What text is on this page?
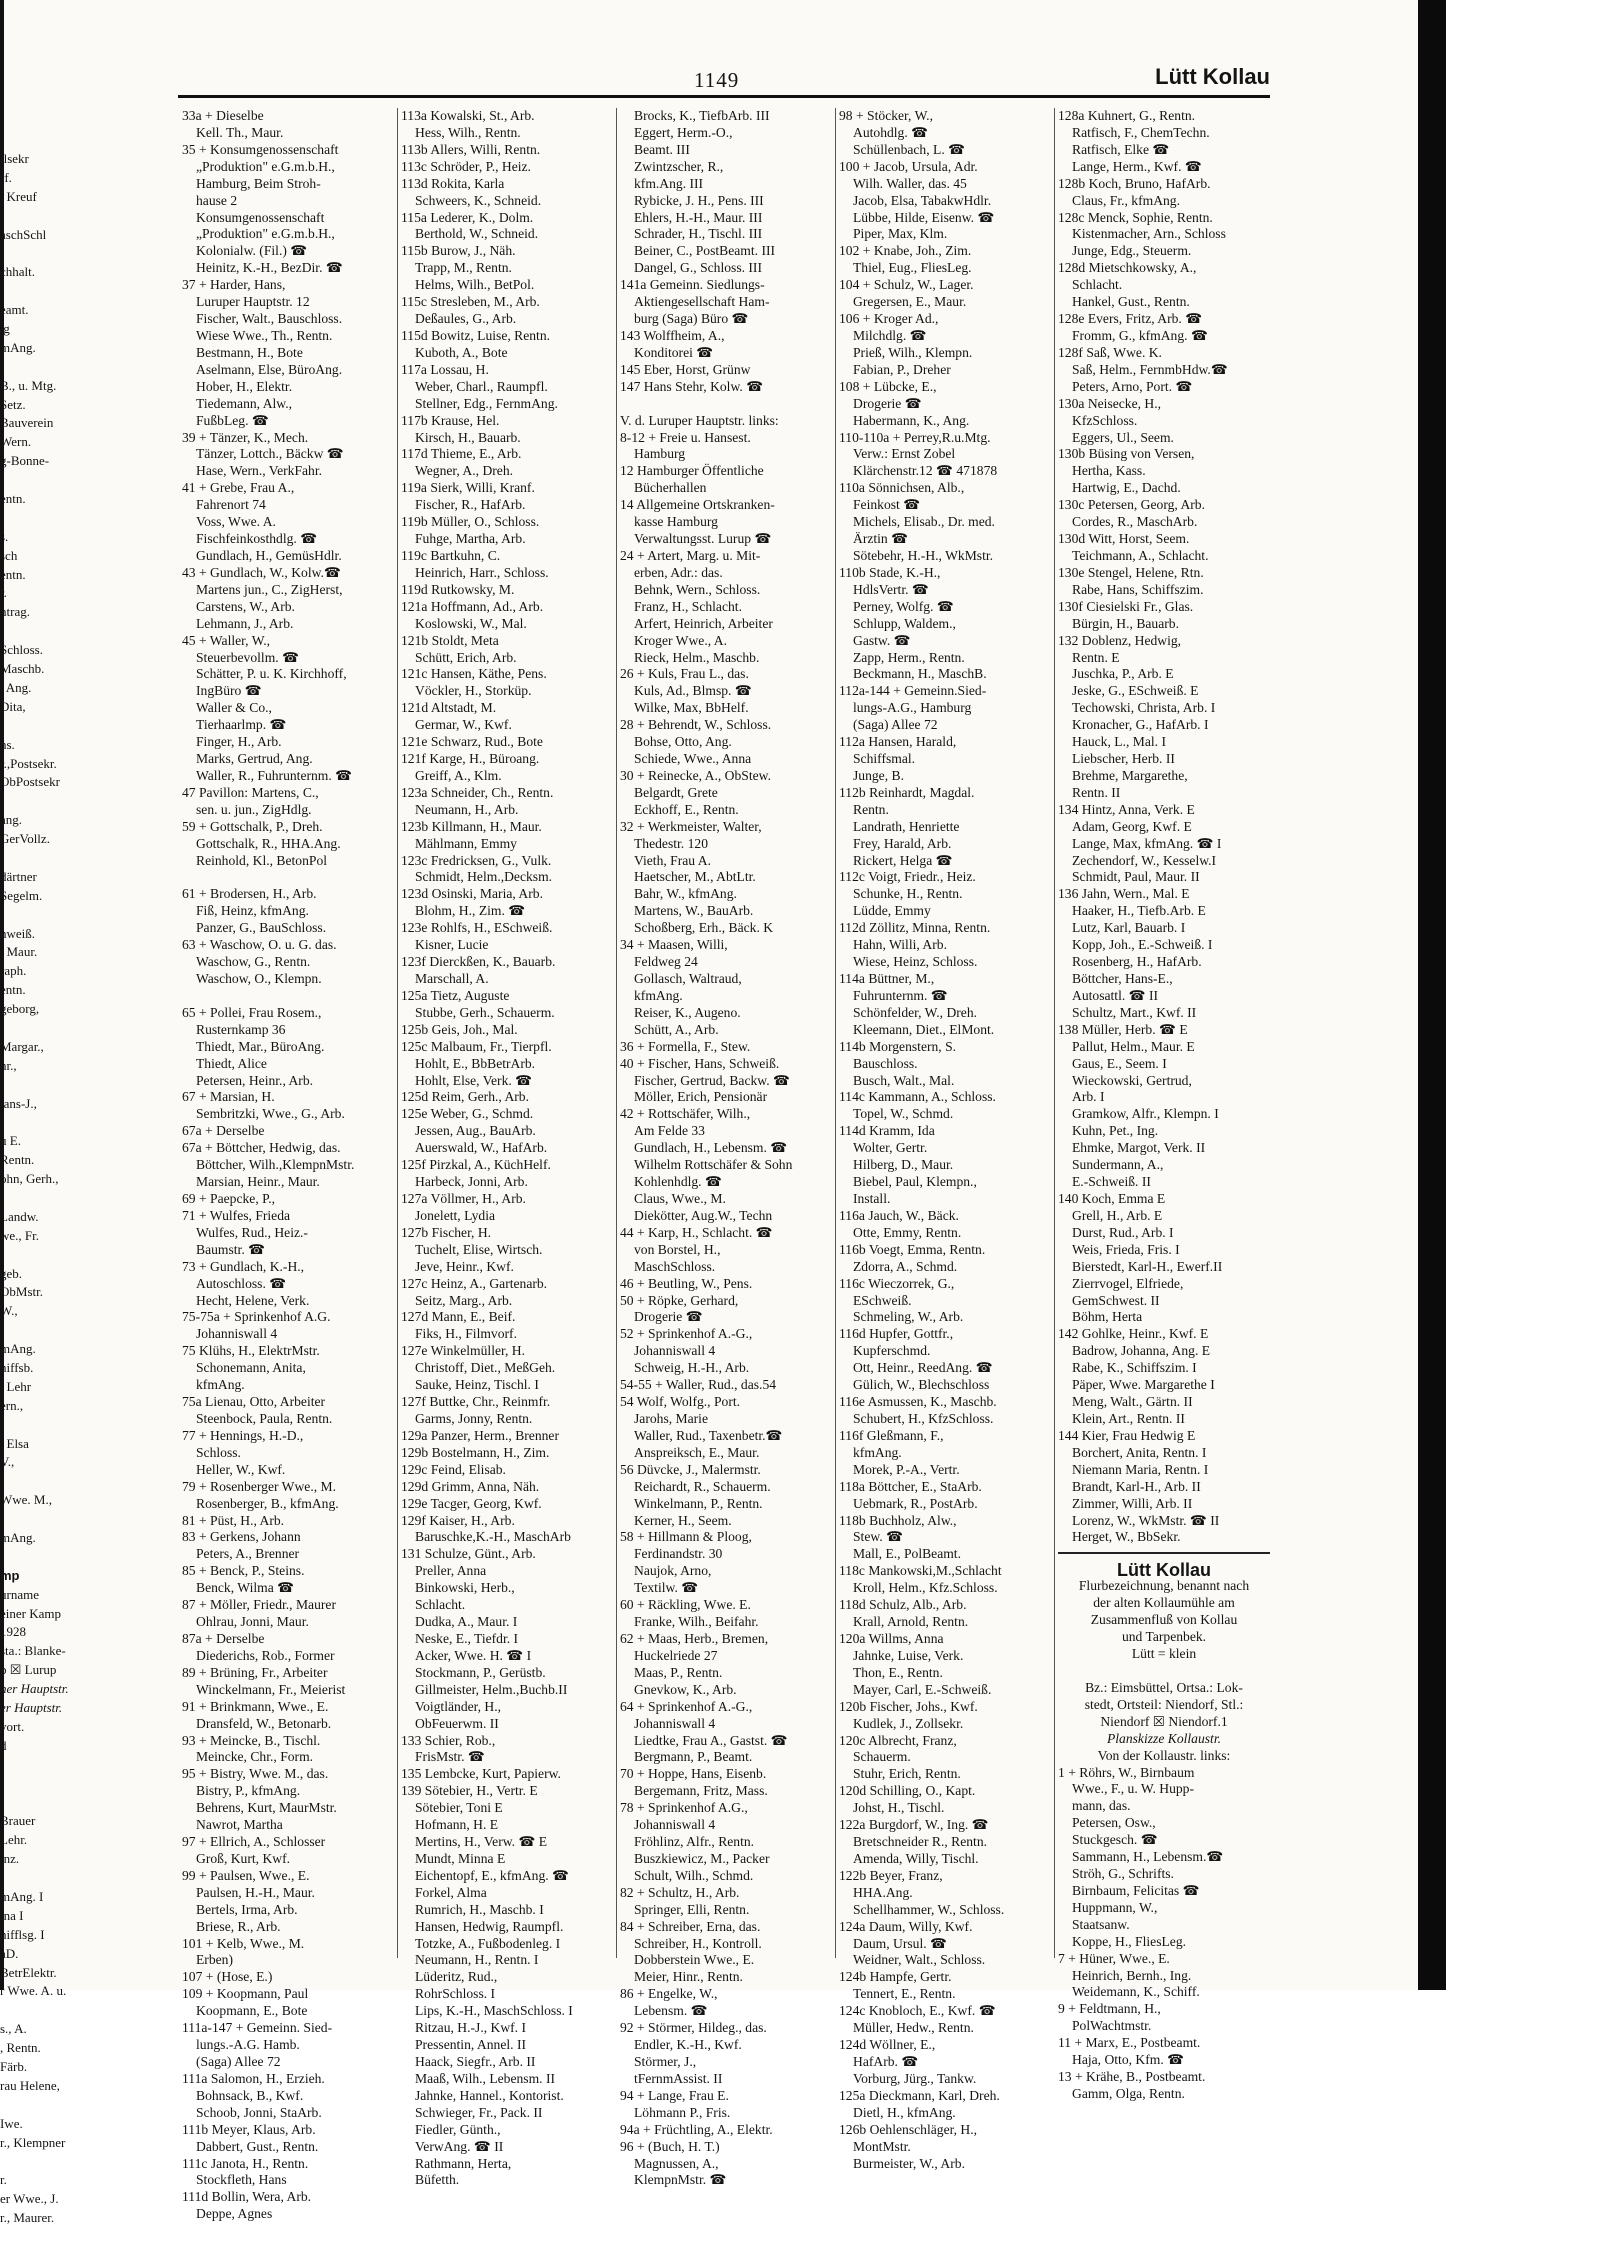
llsekr
rf.
. Kreuf

aschSchl

chhalt.

eamt.
.g
mAng.

B., u. Mtg.
Setz.
Bauverein
Wern.
g-Bonne-

entn.

s.
sch
entn.
r.
ntrag.

Schloss.
Maschb.
. Ang.
Dita,

ns.
r.,Postsekr.
ObPostsekr

ang.
GerVollz.

därtner
Segelm.

hweiß.
. Maur.
raph.
entn.
geborg,

Margar.,
nr.,

lans-J.,

u E.
Rentn.
ohn, Gerh.,

Landw.
we., Fr.

geb.
ObMstr.
W.,

mAng.
hiffsb.
. Lehr
ern.,

. Elsa
V.,

Wwe. M.,

mAng.

mp
urname
einer Kamp
1928
sta.: Blanke-
p ☒ Lurup
ner Hauptstr.
er Hauptstr.
vort.
d

l

Brauer
Lehr.
inz.

mAng. I
ina I
hifflsg. I
aD.
BetrElektr.
r Wwe. A. u.

s., A.
, Rentn.
Färb.
rau Helene,

Iwe.
r., Klempner

r.
er Wwe., J.
r., Maurer.

1149	Lütt Kollau
33a + Dieselbe
Kell. Th., Maur.
35 + Konsumgenossenschaft
„Produktion" e.G.m.b.H.,
Hamburg, Beim Stroh-
hause 2
Konsumgenossenschaft
„Produktion" e.G.m.b.H.,
Kolonialw. (Fil.) ☎
Heinitz, K.-H., BezDir. ☎
37 + Harder, Hans,
Luruper Hauptstr. 12
Fischer, Walt., Bauschloss.
Wiese Wwe., Th., Rentn.
Bestmann, H., Bote
Aselmann, Else, BüroAng.
Hober, H., Elektr.
Tiedemann, Alw.,
FußbLeg. ☎
39 + Tänzer, K., Mech.
Tänzer, Lottch., Bäckw ☎
Hase, Wern., VerkFahr.
41 + Grebe, Frau A.,
Fahrenort 74
Voss, Wwe. A.
Fischfeinkosthdlg. ☎
Gundlach, H., GemüsHdlr.
43 + Gundlach, W., Kolw.☎
Martens jun., C., ZigHerst,
Carstens, W., Arb.
Lehmann, J., Arb.
45 + Waller, W.,
Steuerbevollm. ☎
Schätter, P. u. K. Kirchhoff,
IngBüro ☎
Waller & Co.,
Tierhaarlmp. ☎
Finger, H., Arb.
Marks, Gertrud, Ang.
Waller, R., Fuhrunternm. ☎
47 Pavillon: Martens, C.,
sen. u. jun., ZigHdlg.
59 + Gottschalk, P., Dreh.
Gottschalk, R., HHA.Ang.
Reinhold, Kl., BetonPol

61 + Brodersen, H., Arb.
Fiß, Heinz, kfmAng.
Panzer, G., BauSchloss.
63 + Waschow, O. u. G. das.
Waschow, G., Rentn.
Waschow, O., Klempn.

65 + Pollei, Frau Rosem.,
Rusternkamp 36
Thiedt, Mar., BüroAng.
Thiedt, Alice
Petersen, Heinr., Arb.
67 + Marsian, H.
Sembritzki, Wwe., G., Arb.
67a + Derselbe
67a + Böttcher, Hedwig, das.
Böttcher, Wilh.,KlempnMstr.
Marsian, Heinr., Maur.
69 + Paepcke, P.,
71 + Wulfes, Frieda
Wulfes, Rud., Heiz.-
Baumstr. ☎
73 + Gundlach, K.-H.,
Autoschloss. ☎
Hecht, Helene, Verk.
75-75a + Sprinkenhof A.G.
Johanniswall 4
75 Klühs, H., ElektrMstr.
Schonemann, Anita,
kfmAng.
75a Lienau, Otto, Arbeiter
Steenbock, Paula, Rentn.
77 + Hennings, H.-D.,
Schloss.
Heller, W., Kwf.
79 + Rosenberger Wwe., M.
Rosenberger, B., kfmAng.
81 + Püst, H., Arb.
83 + Gerkens, Johann
Peters, A., Brenner
85 + Benck, P., Steins.
Benck, Wilma ☎
87 + Möller, Friedr., Maurer
Ohlrau, Jonni, Maur.
87a + Derselbe
Diederichs, Rob., Former
89 + Brüning, Fr., Arbeiter
Winckelmann, Fr., Meierist
91 + Brinkmann, Wwe., E.
Dransfeld, W., Betonarb.
93 + Meincke, B., Tischl.
Meincke, Chr., Form.
95 + Bistry, Wwe. M., das.
Bistry, P., kfmAng.
Behrens, Kurt, MaurMstr.
Nawrot, Martha
97 + Ellrich, A., Schlosser
Groß, Kurt, Kwf.
99 + Paulsen, Wwe., E.
Paulsen, H.-H., Maur.
Bertels, Irma, Arb.
Briese, R., Arb.
101 + Kelb, Wwe., M.
Erben)
107 + (Hose, E.)
109 + Koopmann, Paul
Koopmann, E., Bote
111a-147 + Gemeinn. Sied-
lungs.-A.G. Hamb.
(Saga) Allee 72
111a Salomon, H., Erzieh.
Bohnsack, B., Kwf.
Schoob, Jonni, StaArb.
111b Meyer, Klaus, Arb.
Dabbert, Gust., Rentn.
111c Janota, H., Rentn.
Stockfleth, Hans
111d Bollin, Wera, Arb.
Deppe, Agnes
113a Kowalski, St., Arb.
Hess, Wilh., Rentn.
113b Allers, Willi, Rentn.
113c Schröder, P., Heiz.
113d Rokita, Karla
Schweers, K., Schneid.
115a Lederer, K., Dolm.
Berthold, W., Schneid.
115b Burow, J., Näh.
Trapp, M., Rentn.
Helms, Wilh., BetPol.
115c Stresleben, M., Arb.
Deßaules, G., Arb.
115d Bowitz, Luise, Rentn.
Kuboth, A., Bote
117a Lossau, H.
Weber, Charl., Raumpfl.
Stellner, Edg., FernmAng.
117b Krause, Hel.
Kirsch, H., Bauarb.
117d Thieme, E., Arb.
Wegner, A., Dreh.
119a Sierk, Willi, Kranf.
Fischer, R., HafArb.
119b Müller, O., Schloss.
Fuhge, Martha, Arb.
119c Bartkuhn, C.
Heinrich, Harr., Schloss.
119d Rutkowsky, M.
121a Hoffmann, Ad., Arb.
Koslowski, W., Mal.
121b Stoldt, Meta
Schütt, Erich, Arb.
121c Hansen, Käthe, Pens.
Vöckler, H., Storküp.
121d Altstadt, M.
Germar, W., Kwf.
121e Schwarz, Rud., Bote
121f Karge, H., Büroang.
Greiff, A., Klm.
123a Schneider, Ch., Rentn.
Neumann, H., Arb.
123b Killmann, H., Maur.
Mählmann, Emmy
123c Fredricksen, G., Vulk.
Schmidt, Helm.,Decksm.
123d Osinski, Maria, Arb.
Blohm, H., Zim. ☎
123e Rohlfs, H., ESchweiß.
Kisner, Lucie
123f Dierckßen, K., Bauarb.
Marschall, A.
125a Tietz, Auguste
Stubbe, Gerh., Schauerm.
125b Geis, Joh., Mal.
125c Malbaum, Fr., Tierpfl.
Hohlt, E., BbBetrArb.
Hohlt, Else, Verk. ☎
125d Reim, Gerh., Arb.
125e Weber, G., Schmd.
Jessen, Aug., BauArb.
Auerswald, W., HafArb.
125f Pirzkal, A., KüchHelf.
Harbeck, Jonni, Arb.
127a Völlmer, H., Arb.
Jonelett, Lydia
127b Fischer, H.
Tuchelt, Elise, Wirtsch.
Jeve, Heinr., Kwf.
127c Heinz, A., Gartenarb.
Seitz, Marg., Arb.
127d Mann, E., Beif.
Fiks, H., Filmvorf.
127e Winkelmüller, H.
Christoff, Diet., MeßGeh.
Sauke, Heinz, Tischl. I
127f Buttke, Chr., Reinmfr.
Garms, Jonny, Rentn.
129a Panzer, Herm., Brenner
129b Bostelmann, H., Zim.
129c Feind, Elisab.
129d Grimm, Anna, Näh.
129e Tacger, Georg, Kwf.
129f Kaiser, H., Arb.
Baruschke,K.-H., MaschArb
131 Schulze, Günt., Arb.
Preller, Anna
Binkowski, Herb.,
Schlacht.
Dudka, A., Maur. I
Neske, E., Tiefdr. I
Acker, Wwe. H. ☎ I
Stockmann, P., Gerüstb.
Gillmeister, Helm.,Buchb.II
Voigtländer, H.,
ObFeuerwm. II
133 Schier, Rob.,
FrisMstr. ☎
135 Lembcke, Kurt, Papierw.
139 Sötebier, H., Vertr. E
Sötebier, Toni E
Hofmann, H. E
Mertins, H., Verw. ☎ E
Mundt, Minna E
Eichentopf, E., kfmAng. ☎
Forkel, Alma
Rumrich, H., Maschb. I
Hansen, Hedwig, Raumpfl.
Totzke, A., Fußbodenleg. I
Neumann, H., Rentn. I
Lüderitz, Rud.,
RohrSchloss. I
Lips, K.-H., MaschSchloss. I
Ritzau, H.-J., Kwf. I
Pressentin, Annel. II
Haack, Siegfr., Arb. II
Maaß, Wilh., Lebensm. II
Jahnke, Hannel., Kontorist.
Schwieger, Fr., Pack. II
Fiedler, Günth.,
VerwAng. ☎ II
Rathmann, Herta,
Büfetth.
Brocks, K., TiefbArb. III
Eggert, Herm.-O.,
Beamt. III
Zwintzscher, R.,
kfm.Ang. III
Rybicke, J. H., Pens. III
Ehlers, H.-H., Maur. III
Schrader, H., Tischl. III
Beiner, C., PostBeamt. III
Dangel, G., Schloss. III
141a Gemeinn. Siedlungs-
Aktiengesellschaft Ham-
burg (Saga) Büro ☎
143 Wolffheim, A.,
Konditorei ☎
145 Eber, Horst, Grünw
147 Hans Stehr, Kolw. ☎

V. d. Luruper Hauptstr. links:
8-12 + Freie u. Hansest.
Hamburg
12 Hamburger Öffentliche
Bücherhallen
14 Allgemeine Ortskranken-
kasse Hamburg
Verwaltungsst. Lurup ☎
24 + Artert, Marg. u. Mit-
erben, Adr.: das.
Behnk, Wern., Schloss.
Franz, H., Schlacht.
Arfert, Heinrich, Arbeiter
Kroger Wwe., A.
Rieck, Helm., Maschb.
26 + Kuls, Frau L., das.
Kuls, Ad., Blmsp. ☎
Wilke, Max, BbHelf.
28 + Behrendt, W., Schloss.
Bohse, Otto, Ang.
Schiede, Wwe., Anna
30 + Reinecke, A., ObStew.
Belgardt, Grete
Eckhoff, E., Rentn.
32 + Werkmeister, Walter,
Thedestr. 120
Vieth, Frau A.
Haetscher, M., AbtLtr.
Bahr, W., kfmAng.
Martens, W., BauArb.
Schoßberg, Erh., Bäck. K
34 + Maasen, Willi,
Feldweg 24
Gollasch, Waltraud,
kfmAng.
Reiser, K., Augeno.
Schütt, A., Arb.
36 + Formella, F., Stew.
40 + Fischer, Hans, Schweiß.
Fischer, Gertrud, Backw. ☎
Möller, Erich, Pensionär
42 + Rottschäfer, Wilh.,
Am Felde 33
Gundlach, H., Lebensm. ☎
Wilhelm Rottschäfer & Sohn
Kohlenhdlg. ☎
Claus, Wwe., M.
Diekötter, Aug.W., Techn
44 + Karp, H., Schlacht. ☎
von Borstel, H.,
MaschSchloss.
46 + Beutling, W., Pens.
50 + Röpke, Gerhard,
Drogerie ☎
52 + Sprinkenhof A.-G.,
Johanniswall 4
Schweig, H.-H., Arb.
54-55 + Waller, Rud., das.54
54 Wolf, Wolfg., Port.
Jarohs, Marie
Waller, Rud., Taxenbetr.☎
Anspreiksch, E., Maur.
56 Düvcke, J., Malermstr.
Reichardt, R., Schauerm.
Winkelmann, P., Rentn.
Kerner, H., Seem.
58 + Hillmann & Ploog,
Ferdinandstr. 30
Naujok, Arno,
Textilw. ☎
60 + Räckling, Wwe. E.
Franke, Wilh., Beifahr.
62 + Maas, Herb., Bremen,
Huckelriede 27
Maas, P., Rentn.
Gnevkow, K., Arb.
64 + Sprinkenhof A.-G.,
Johanniswall 4
Liedtke, Frau A., Gastst. ☎
Bergmann, P., Beamt.
70 + Hoppe, Hans, Eisenb.
Bergemann, Fritz, Mass.
78 + Sprinkenhof A.G.,
Johanniswall 4
Fröhlinz, Alfr., Rentn.
Buszkiewicz, M., Packer
Schult, Wilh., Schmd.
82 + Schultz, H., Arb.
Springer, Elli, Rentn.
84 + Schreiber, Erna, das.
Schreiber, H., Kontroll.
Dobberstein Wwe., E.
Meier, Hinr., Rentn.
86 + Engelke, W.,
Lebensm. ☎
92 + Störmer, Hildeg., das.
Endler, K.-H., Kwf.
Störmer, J.,
tFernmAssist. II
94 + Lange, Frau E.
Löhmann P., Fris.
94a + Früchtling, A., Elektr.
96 + (Buch, H. T.)
Magnussen, A.,
KlempnMstr. ☎
98 + Stöcker, W.,
Autohdlg. ☎
Schüllenbach, L. ☎
100 + Jacob, Ursula, Adr.
Wilh. Waller, das. 45
Jacob, Elsa, TabakwHdlr.
Lübbe, Hilde, Eisenw. ☎
Piper, Max, Klm.
102 + Knabe, Joh., Zim.
Thiel, Eug., FliesLeg.
104 + Schulz, W., Lager.
Gregersen, E., Maur.
106 + Kroger Ad.,
Milchdlg. ☎
Prieß, Wilh., Klempn.
Fabian, P., Dreher
108 + Lübcke, E.,
Drogerie ☎
Habermann, K., Ang.
110-110a + Perrey,R.u.Mtg.
Verw.: Ernst Zobel
Klärchenstr.12 ☎ 471878
110a Sönnichsen, Alb.,
Feinkost ☎
Michels, Elisab., Dr. med.
Ärztin ☎
Sötebehr, H.-H., WkMstr.
110b Stade, K.-H.,
HdlsVertr. ☎
Perney, Wolfg. ☎
Schlupp, Waldem.,
Gastw. ☎
Zapp, Herm., Rentn.
Beckmann, H., MaschB.
112a-144 + Gemeinn.Sied-
lungs-A.G., Hamburg
(Saga) Allee 72
112a Hansen, Harald,
Schiffsmal.
Junge, B.
112b Reinhardt, Magdal.
Rentn.
Landrath, Henriette
Frey, Harald, Arb.
Rickert, Helga ☎
112c Voigt, Friedr., Heiz.
Schunke, H., Rentn.
Lüdde, Emmy
112d Zöllitz, Minna, Rentn.
Hahn, Willi, Arb.
Wiese, Heinz, Schloss.
114a Büttner, M.,
Fuhrunternm. ☎
Schönfelder, W., Dreh.
Kleemann, Diet., ElMont.
114b Morgenstern, S.
Bauschloss.
Busch, Walt., Mal.
114c Kammann, A., Schloss.
Topel, W., Schmd.
114d Kramm, Ida
Wolter, Gertr.
Hilberg, D., Maur.
Biebel, Paul, Klempn.,
Install.
116a Jauch, W., Bäck.
Otte, Emmy, Rentn.
116b Voegt, Emma, Rentn.
Zdorra, A., Schmd.
116c Wieczorrek, G.,
ESchweiß.
Schmeling, W., Arb.
116d Hupfer, Gottfr.,
Kupferschmd.
Ott, Heinr., ReedAng. ☎
Gülich, W., Blechschloss
116e Asmussen, K., Maschb.
Schubert, H., KfzSchloss.
116f Gleßmann, F.,
kfmAng.
Morek, P.-A., Vertr.
118a Böttcher, E., StaArb.
Uebmark, R., PostArb.
118b Buchholz, Alw.,
Stew. ☎
Mall, E., PolBeamt.
118c Mankowski,M.,Schlacht
Kroll, Helm., Kfz.Schloss.
118d Schulz, Alb., Arb.
Krall, Arnold, Rentn.
120a Willms, Anna
Jahnke, Luise, Verk.
Thon, E., Rentn.
Mayer, Carl, E.-Schweiß.
120b Fischer, Johs., Kwf.
Kudlek, J., Zollsekr.
120c Albrecht, Franz,
Schauerm.
Stuhr, Erich, Rentn.
120d Schilling, O., Kapt.
Johst, H., Tischl.
122a Burgdorf, W., Ing. ☎
Bretschneider R., Rentn.
Amenda, Willy, Tischl.
122b Beyer, Franz,
HHA.Ang.
Schellhammer, W., Schloss.
124a Daum, Willy, Kwf.
Daum, Ursul. ☎
Weidner, Walt., Schloss.
124b Hampfe, Gertr.
Tennert, E., Rentn.
124c Knobloch, E., Kwf. ☎
Müller, Hedw., Rentn.
124d Wöllner, E.,
HafArb. ☎
Vorburg, Jürg., Tankw.
125a Dieckmann, Karl, Dreh.
Dietl, H., kfmAng.
126b Oehlenschläger, H.,
MontMstr.
Burmeister, W., Arb.
128a Kuhnert, G., Rentn.
Ratfisch, F., ChemTechn.
Ratfisch, Elke ☎
Lange, Herm., Kwf. ☎
128b Koch, Bruno, HafArb.
Claus, Fr., kfmAng.
128c Menck, Sophie, Rentn.
Kistenmacher, Arn., Schloss
Junge, Edg., Steuerm.
128d Mietschkowsky, A.,
Schlacht.
Hankel, Gust., Rentn.
128e Evers, Fritz, Arb. ☎
Fromm, G., kfmAng. ☎
128f Saß, Wwe. K.
Saß, Helm., FernmbHdw.☎
Peters, Arno, Port. ☎
130a Neisecke, H.,
KfzSchloss.
Eggers, Ul., Seem.
130b Büsing von Versen,
Hertha, Kass.
Hartwig, E., Dachd.
130c Petersen, Georg, Arb.
Cordes, R., MaschArb.
130d Witt, Horst, Seem.
Teichmann, A., Schlacht.
130e Stengel, Helene, Rtn.
Rabe, Hans, Schiffszim.
130f Ciesielski Fr., Glas.
Bürgin, H., Bauarb.
132 Doblenz, Hedwig,
Rentn. E
Juschka, P., Arb. E
Jeske, G., ESchweiß. E
Techowski, Christa, Arb. I
Kronacher, G., HafArb. I
Hauck, L., Mal. I
Liebscher, Herb. II
Brehme, Margarethe,
Rentn. II
134 Hintz, Anna, Verk. E
Adam, Georg, Kwf. E
Lange, Max, kfmAng. ☎ I
Zechendorf, W., Kesselw.I
Schmidt, Paul, Maur. II
136 Jahn, Wern., Mal. E
Haaker, H., Tiefb.Arb. E
Lutz, Karl, Bauarb. I
Kopp, Joh., E.-Schweiß. I
Rosenberg, H., HafArb.
Böttcher, Hans-E.,
Autosattl. ☎ II
Schultz, Mart., Kwf. II
138 Müller, Herb. ☎ E
Pallut, Helm., Maur. E
Gaus, E., Seem. I
Wieckowski, Gertrud,
Arb. I
Gramkow, Alfr., Klempn. I
Kuhn, Pet., Ing.
Ehmke, Margot, Verk. II
Sundermann, A.,
E.-Schweiß. II
140 Koch, Emma E
Grell, H., Arb. E
Durst, Rud., Arb. I
Weis, Frieda, Fris. I
Bierstedt, Karl-H., Ewerf.II
Zierrvogel, Elfriede,
GemSchwest. II
Böhm, Herta
142 Gohlke, Heinr., Kwf. E
Badrow, Johanna, Ang. E
Rabe, K., Schiffszim. I
Päper, Wwe. Margarethe I
Meng, Walt., Gärtn. II
Klein, Art., Rentn. II
144 Kier, Frau Hedwig E
Borchert, Anita, Rentn. I
Niemann Maria, Rentn. I
Brandt, Karl-H., Arb. II
Zimmer, Willi, Arb. II
Lorenz, W., WkMstr. ☎ II
Herget, W., BbSekr.
Lütt Kollau
Flurbezeichnung, benannt nach
der alten Kollaumühle am
Zusammenfluß von Kollau
und Tarpenbek.
Lütt = klein

Bz.: Eimsbüttel, Ortsa.: Lok-
stedt, Ortsteil: Niendorf, Stl.:
Niendorf ☒ Niendorf.1
Planskizze Kollaustr.
Von der Kollaustr. links:
1 + Röhrs, W., Birnbaum
Wwe., F., u. W. Hupp-
mann, das.
Petersen, Osw.,
Stuckgesch. ☎
Sammann, H., Lebensm.☎
Ströh, G., Schrifts.
Birnbaum, Felicitas ☎
Huppmann, W.,
Staatsanw.
Koppe, H., FliesLeg.
7 + Hüner, Wwe., E.
Heinrich, Bernh., Ing.
Weidemann, K., Schiff.
9 + Feldtmann, H.,
PolWachtmstr.
11 + Marx, E., Postbeamt.
Haja, Otto, Kfm. ☎
13 + Krähe, B., Postbeamt.
Gamm, Olga, Rentn.
